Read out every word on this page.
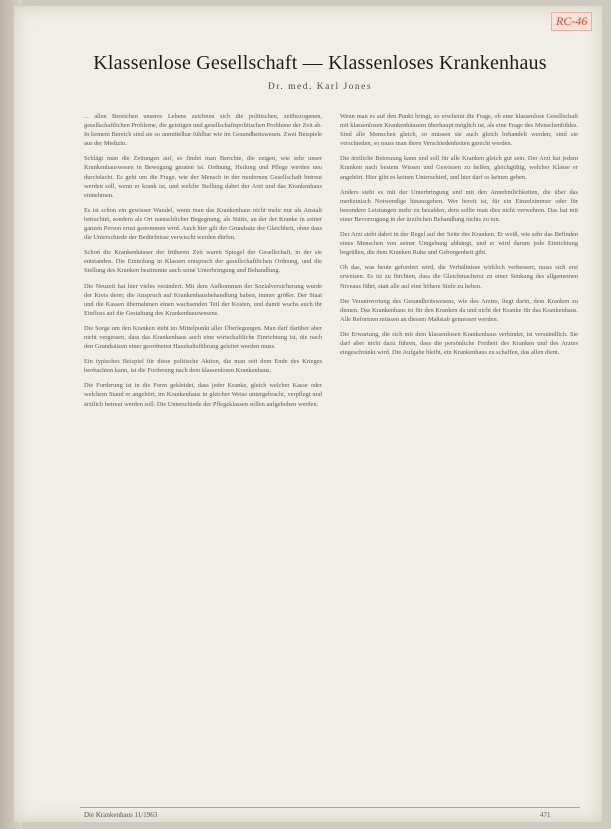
RC-46
Klassenlose Gesellschaft — Klassenloses Krankenhaus
Dr. med. Karl Jones

... allen Bereichen unseres Lebens zeichnen sich die politischen, zeitbezogenen, gesellschaftlichen Probleme, die geistigen und gesellschaftspolitischen Probleme der Zeit ab. In keinem Bereich sind sie so unmittelbar fühlbar wie im Gesundheitswesen. Zwei Beispiele aus der Medizin.

Schlägt man die Zeitungen auf, so findet man Berichte, die zeigen, wie sehr unser Krankenhauswesen in Bewegung geraten ist. Ordnung, Heilung und Pflege werden neu durchdacht. Es geht um die Frage, wie der Mensch in der modernen Gesellschaft betreut werden soll, wenn er krank ist, und welche Stellung dabei der Arzt und das Krankenhaus einnehmen.

Es ist schon ein gewisser Wandel, wenn man das Krankenhaus nicht mehr nur als Anstalt betrachtet, sondern als Ort menschlicher Begegnung, als Stätte, an der der Kranke in seiner ganzen Person ernst genommen wird. Auch hier gilt der Grundsatz der Gleichheit, ohne dass die Unterschiede der Bedürfnisse verwischt werden dürfen.

Schon die Krankenhäuser der früheren Zeit waren Spiegel der Gesellschaft, in der sie entstanden. Die Einteilung in Klassen entsprach der gesellschaftlichen Ordnung, und die Stellung des Kranken bestimmte auch seine Unterbringung und Behandlung.

Die Neuzeit hat hier vieles verändert. Mit dem Aufkommen der Sozialversicherung wurde der Kreis derer, die Anspruch auf Krankenhausbehandlung haben, immer größer. Der Staat und die Kassen übernahmen einen wachsenden Teil der Kosten, und damit wuchs auch ihr Einfluss auf die Gestaltung des Krankenhauswesens.

Die Sorge um den Kranken steht im Mittelpunkt aller Überlegungen. Man darf darüber aber nicht vergessen, dass das Krankenhaus auch eine wirtschaftliche Einrichtung ist, die nach den Grundsätzen einer geordneten Haushaltsführung geleitet werden muss.

Ein typisches Beispiel für diese politische Aktion, die man seit dem Ende des Krieges beobachten kann, ist die Forderung nach dem klassenlosen Krankenhaus.

Die Forderung ist in die Form gekleidet, dass jeder Kranke, gleich welcher Kasse oder welchem Stand er angehört, im Krankenhaus in gleicher Weise untergebracht, verpflegt und ärztlich betreut werden soll. Die Unterschiede der Pflegeklassen sollen aufgehoben werden.

Wenn man es auf den Punkt bringt, so erscheint die Frage, ob eine klassenlose Gesellschaft mit klassenlosen Krankenhäusern überhaupt möglich ist, als eine Frage des Menschenbildes. Sind alle Menschen gleich, so müssen sie auch gleich behandelt werden; sind sie verschieden, so muss man ihren Verschiedenheiten gerecht werden.

Die ärztliche Betreuung kann und soll für alle Kranken gleich gut sein. Der Arzt hat jedem Kranken nach bestem Wissen und Gewissen zu helfen, gleichgültig, welcher Klasse er angehört. Hier gibt es keinen Unterschied, und hier darf es keinen geben.

Anders steht es mit der Unterbringung und mit den Annehmlichkeiten, die über das medizinisch Notwendige hinausgehen. Wer bereit ist, für ein Einzelzimmer oder für besondere Leistungen mehr zu bezahlen, dem sollte man dies nicht verwehren. Das hat mit einer Bevorzugung in der ärztlichen Behandlung nichts zu tun.

Der Arzt steht dabei in der Regel auf der Seite des Kranken. Er weiß, wie sehr das Befinden eines Menschen von seiner Umgebung abhängt, und er wird darum jede Einrichtung begrüßen, die dem Kranken Ruhe und Geborgenheit gibt.

Ob das, was heute gefordert wird, die Verhältnisse wirklich verbessert, muss sich erst erweisen. Es ist zu fürchten, dass die Gleichmacherei zu einer Senkung des allgemeinen Niveaus führt, statt alle auf eine höhere Stufe zu heben.

Die Verantwortung des Gesundheitswesens, wie des Arztes, liegt darin, dem Kranken zu dienen. Das Krankenhaus ist für den Kranken da und nicht der Kranke für das Krankenhaus. Alle Reformen müssen an diesem Maßstab gemessen werden.

Die Erwartung, die sich mit dem klassenlosen Krankenhaus verbindet, ist verständlich. Sie darf aber nicht dazu führen, dass die persönliche Freiheit des Kranken und des Arztes eingeschränkt wird. Die Aufgabe bleibt, ein Krankenhaus zu schaffen, das allen dient.

Die Krankenhaus 11/1963	471
